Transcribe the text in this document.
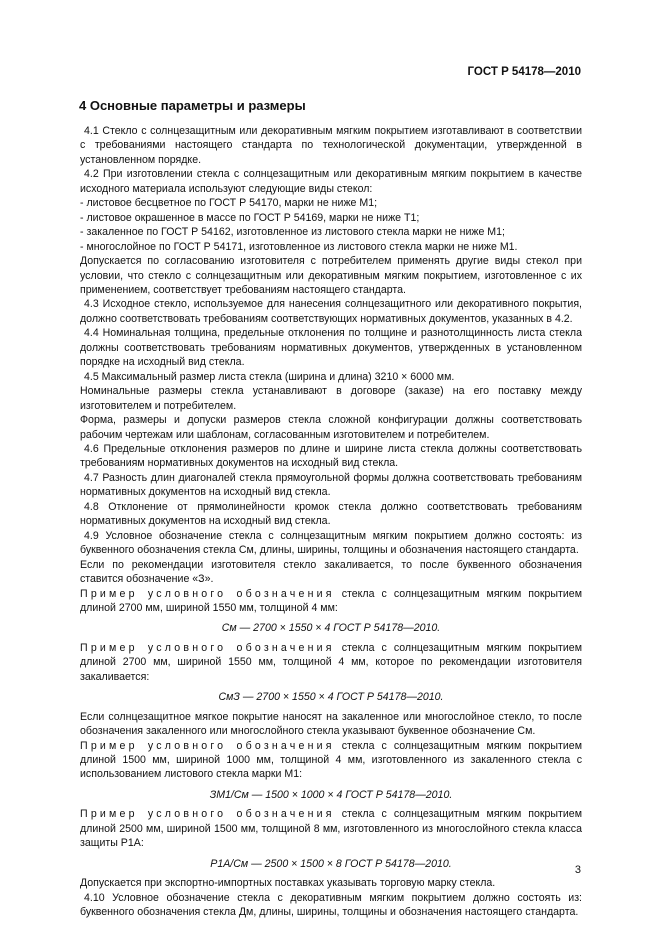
ГОСТ Р 54178—2010
4 Основные параметры и размеры
4.1 Стекло с солнцезащитным или декоративным мягким покрытием изготавливают в соответствии с требованиями настоящего стандарта по технологической документации, утвержденной в установленном порядке.
4.2 При изготовлении стекла с солнцезащитным или декоративным мягким покрытием в качестве исходного материала используют следующие виды стекол:
- листовое бесцветное по ГОСТ Р 54170, марки не ниже М1;
- листовое окрашенное в массе по ГОСТ Р 54169, марки не ниже Т1;
- закаленное по ГОСТ Р 54162, изготовленное из листового стекла марки не ниже М1;
- многослойное по ГОСТ Р 54171, изготовленное из листового стекла марки не ниже М1.
Допускается по согласованию изготовителя с потребителем применять другие виды стекол при условии, что стекло с солнцезащитным или декоративным мягким покрытием, изготовленное с их применением, соответствует требованиям настоящего стандарта.
4.3 Исходное стекло, используемое для нанесения солнцезащитного или декоративного покрытия, должно соответствовать требованиям соответствующих нормативных документов, указанных в 4.2.
4.4 Номинальная толщина, предельные отклонения по толщине и разнотолщинность листа стекла должны соответствовать требованиям нормативных документов, утвержденных в установленном порядке на исходный вид стекла.
4.5 Максимальный размер листа стекла (ширина и длина) 3210 × 6000 мм.
Номинальные размеры стекла устанавливают в договоре (заказе) на его поставку между изготовителем и потребителем.
Форма, размеры и допуски размеров стекла сложной конфигурации должны соответствовать рабочим чертежам или шаблонам, согласованным изготовителем и потребителем.
4.6 Предельные отклонения размеров по длине и ширине листа стекла должны соответствовать требованиям нормативных документов на исходный вид стекла.
4.7 Разность длин диагоналей стекла прямоугольной формы должна соответствовать требованиям нормативных документов на исходный вид стекла.
4.8 Отклонение от прямолинейности кромок стекла должно соответствовать требованиям нормативных документов на исходный вид стекла.
4.9 Условное обозначение стекла с солнцезащитным мягким покрытием должно состоять: из буквенного обозначения стекла Cм, длины, ширины, толщины и обозначения настоящего стандарта.
Если по рекомендации изготовителя стекло закаливается, то после буквенного обозначения ставится обозначение «З».
Пример условного обозначения стекла с солнцезащитным мягким покрытием длиной 2700 мм, шириной 1550 мм, толщиной 4 мм:
Cм — 2700 × 1550 × 4 ГОСТ Р 54178—2010.
Пример условного обозначения стекла с солнцезащитным мягким покрытием длиной 2700 мм, шириной 1550 мм, толщиной 4 мм, которое по рекомендации изготовителя закаливается:
CмЗ — 2700 × 1550 × 4 ГОСТ Р 54178—2010.
Если солнцезащитное мягкое покрытие наносят на закаленное или многослойное стекло, то после обозначения закаленного или многослойного стекла указывают буквенное обозначение Cм.
Пример условного обозначения стекла с солнцезащитным мягким покрытием длиной 1500 мм, шириной 1000 мм, толщиной 4 мм, изготовленного из закаленного стекла с использованием листового стекла марки М1:
ЗМ1/Cм — 1500 × 1000 × 4 ГОСТ Р 54178—2010.
Пример условного обозначения стекла с солнцезащитным мягким покрытием длиной 2500 мм, шириной 1500 мм, толщиной 8 мм, изготовленного из многослойного стекла класса защиты Р1А:
Р1А/Cм — 2500 × 1500 × 8 ГОСТ Р 54178—2010.
Допускается при экспортно-импортных поставках указывать торговую марку стекла.
4.10 Условное обозначение стекла с декоративным мягким покрытием должно состоять из: буквенного обозначения стекла Дм, длины, ширины, толщины и обозначения настоящего стандарта.
3
